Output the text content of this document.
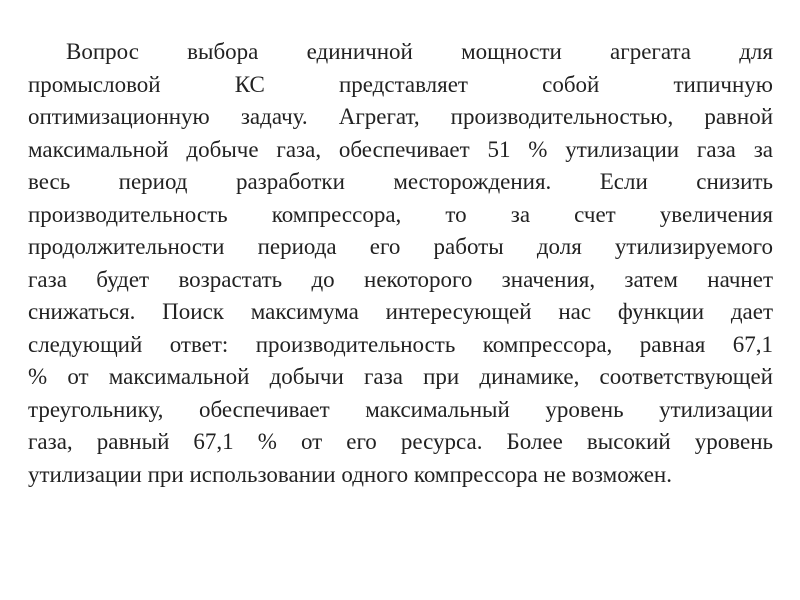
Вопрос выбора единичной мощности агрегата для
промысловой КС представляет собой типичную
оптимизационную задачу. Агрегат, производительностью, равной
максимальной добыче газа, обеспечивает 51 % утилизации газа за
весь период разработки месторождения. Если снизить
производительность компрессора, то за счет увеличения
продолжительности периода его работы доля утилизируемого
газа будет возрастать до некоторого значения, затем начнет
снижаться. Поиск максимума интересующей нас функции дает
следующий ответ: производительность компрессора, равная 67,1
% от максимальной добычи газа при динамике, соответствующей
треугольнику, обеспечивает максимальный уровень утилизации
газа, равный 67,1 % от его ресурса. Более высокий уровень
утилизации при использовании одного компрессора не возможен.
